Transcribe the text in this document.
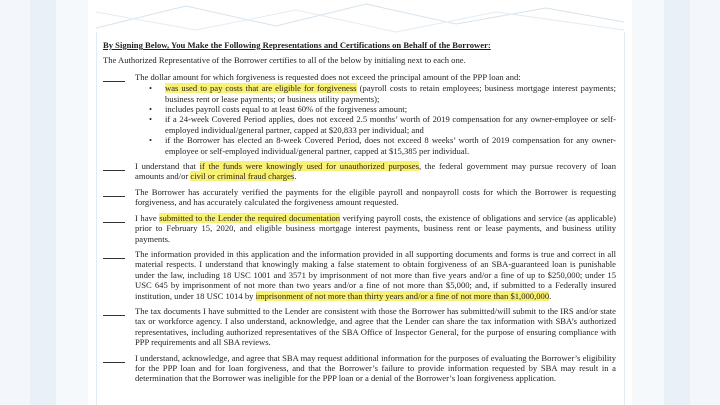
By Signing Below, You Make the Following Representations and Certifications on Behalf of the Borrower:
The Authorized Representative of the Borrower certifies to all of the below by initialing next to each one.
The dollar amount for which forgiveness is requested does not exceed the principal amount of the PPP loan and:
• was used to pay costs that are eligible for forgiveness (payroll costs to retain employees; business mortgage interest payments; business rent or lease payments; or business utility payments);
• includes payroll costs equal to at least 60% of the forgiveness amount;
• if a 24-week Covered Period applies, does not exceed 2.5 months’ worth of 2019 compensation for any owner-employee or self-employed individual/general partner, capped at $20,833 per individual; and
• if the Borrower has elected an 8-week Covered Period, does not exceed 8 weeks’ worth of 2019 compensation for any owner-employee or self-employed individual/general partner, capped at $15,385 per individual.
I understand that if the funds were knowingly used for unauthorized purposes, the federal government may pursue recovery of loan amounts and/or civil or criminal fraud charges.
The Borrower has accurately verified the payments for the eligible payroll and nonpayroll costs for which the Borrower is requesting forgiveness, and has accurately calculated the forgiveness amount requested.
I have submitted to the Lender the required documentation verifying payroll costs, the existence of obligations and service (as applicable) prior to February 15, 2020, and eligible business mortgage interest payments, business rent or lease payments, and business utility payments.
The information provided in this application and the information provided in all supporting documents and forms is true and correct in all material respects. I understand that knowingly making a false statement to obtain forgiveness of an SBA-guaranteed loan is punishable under the law, including 18 USC 1001 and 3571 by imprisonment of not more than five years and/or a fine of up to $250,000; under 15 USC 645 by imprisonment of not more than two years and/or a fine of not more than $5,000; and, if submitted to a Federally insured institution, under 18 USC 1014 by imprisonment of not more than thirty years and/or a fine of not more than $1,000,000.
The tax documents I have submitted to the Lender are consistent with those the Borrower has submitted/will submit to the IRS and/or state tax or workforce agency. I also understand, acknowledge, and agree that the Lender can share the tax information with SBA’s authorized representatives, including authorized representatives of the SBA Office of Inspector General, for the purpose of ensuring compliance with PPP requirements and all SBA reviews.
I understand, acknowledge, and agree that SBA may request additional information for the purposes of evaluating the Borrower’s eligibility for the PPP loan and for loan forgiveness, and that the Borrower’s failure to provide information requested by SBA may result in a determination that the Borrower was ineligible for the PPP loan or a denial of the Borrower’s loan forgiveness application.
